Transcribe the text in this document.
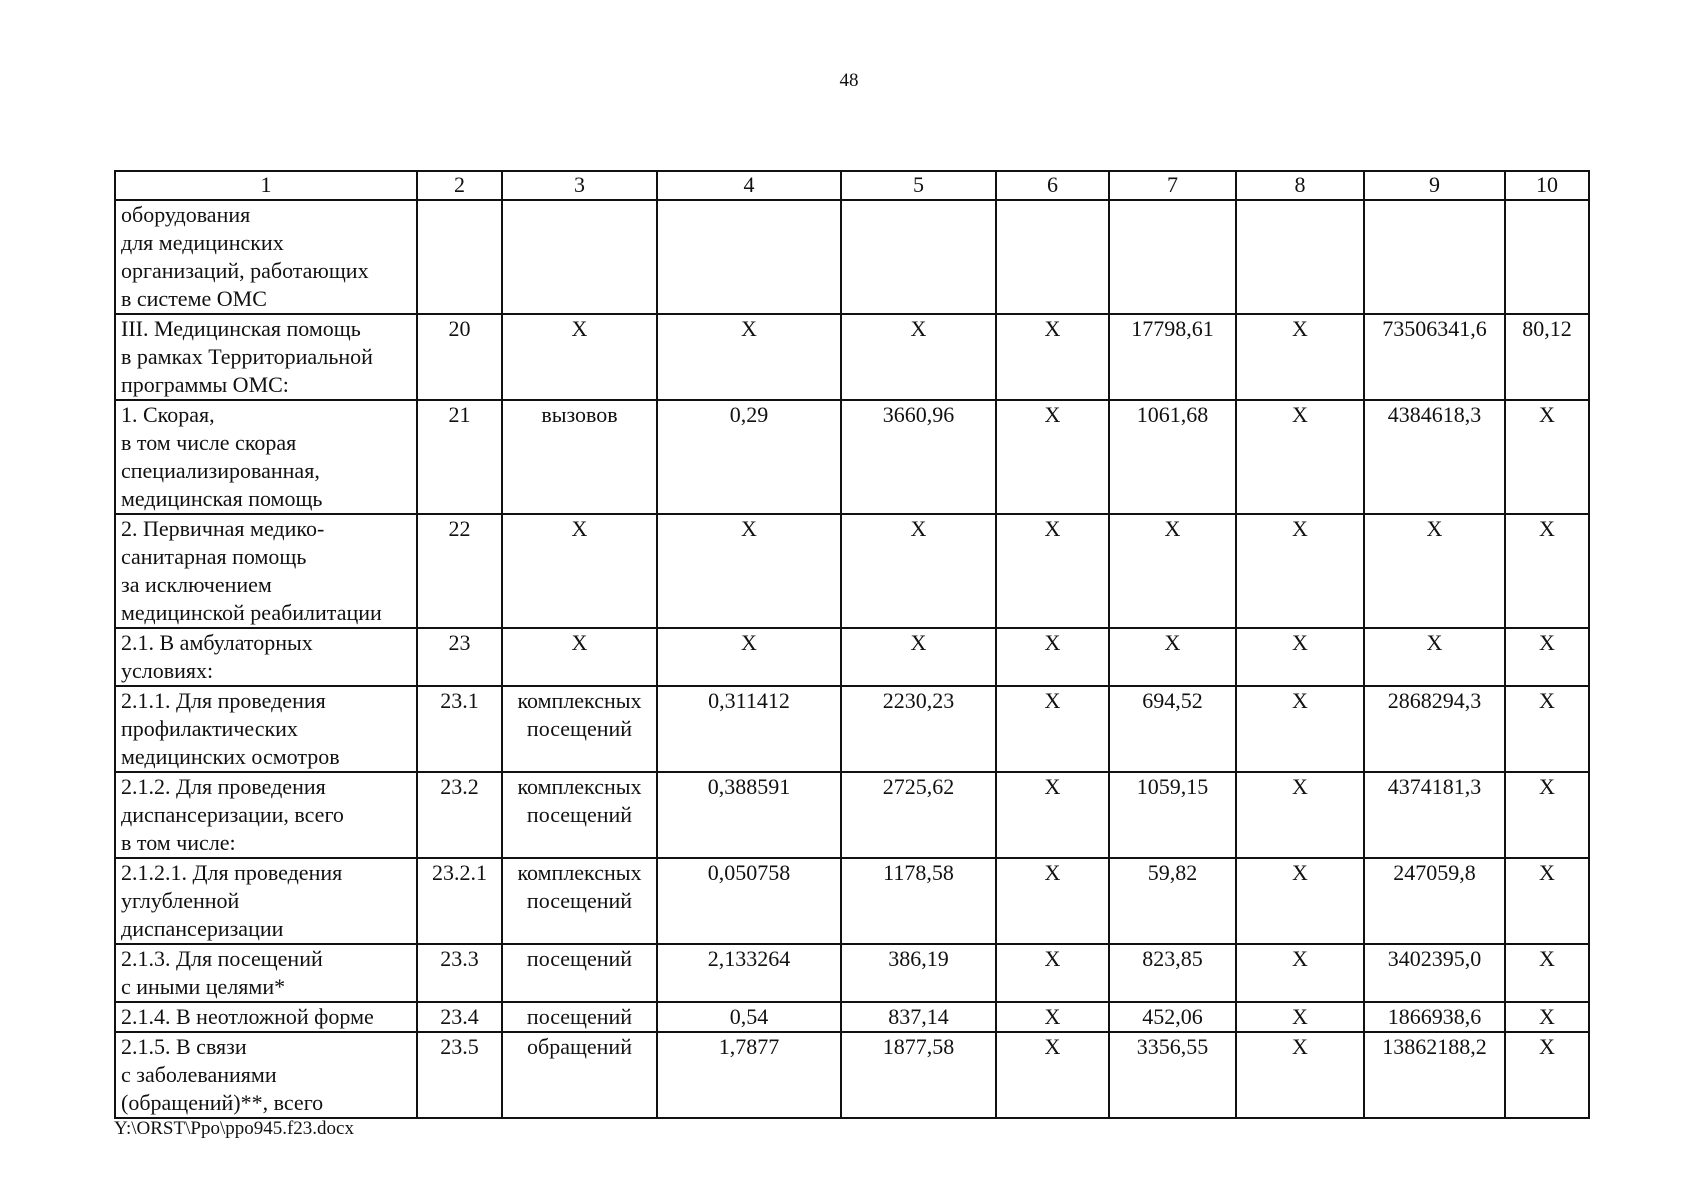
48
1	2	3	4	5	6	7	8	9	10
оборудования
для медицинских
организаций, работающих
в системе ОМС									
III. Медицинская помощь
в рамках Территориальной
программы ОМС:	20	Х	Х	Х	Х	17798,61	Х	73506341,6	80,12
1. Скорая,
в том числе скорая
специализированная,
медицинская помощь	21	вызовов	0,29	3660,96	Х	1061,68	Х	4384618,3	Х
2. Первичная медико-
санитарная помощь
за исключением
медицинской реабилитации	22	Х	Х	Х	Х	Х	Х	Х	Х
2.1. В амбулаторных
условиях:	23	Х	Х	Х	Х	Х	Х	Х	Х
2.1.1. Для проведения
профилактических
медицинских осмотров	23.1	комплексных
посещений	0,311412	2230,23	Х	694,52	Х	2868294,3	Х
2.1.2. Для проведения
диспансеризации, всего
в том числе:	23.2	комплексных
посещений	0,388591	2725,62	Х	1059,15	Х	4374181,3	Х
2.1.2.1. Для проведения
углубленной
диспансеризации	23.2.1	комплексных
посещений	0,050758	1178,58	Х	59,82	Х	247059,8	Х
2.1.3. Для посещений
с иными целями*	23.3	посещений	2,133264	386,19	Х	823,85	Х	3402395,0	Х
2.1.4. В неотложной форме	23.4	посещений	0,54	837,14	Х	452,06	Х	1866938,6	Х
2.1.5. В связи
с заболеваниями
(обращений)**, всего	23.5	обращений	1,7877	1877,58	Х	3356,55	Х	13862188,2	Х
Y:\ORST\Ppo\ppo945.f23.docx
